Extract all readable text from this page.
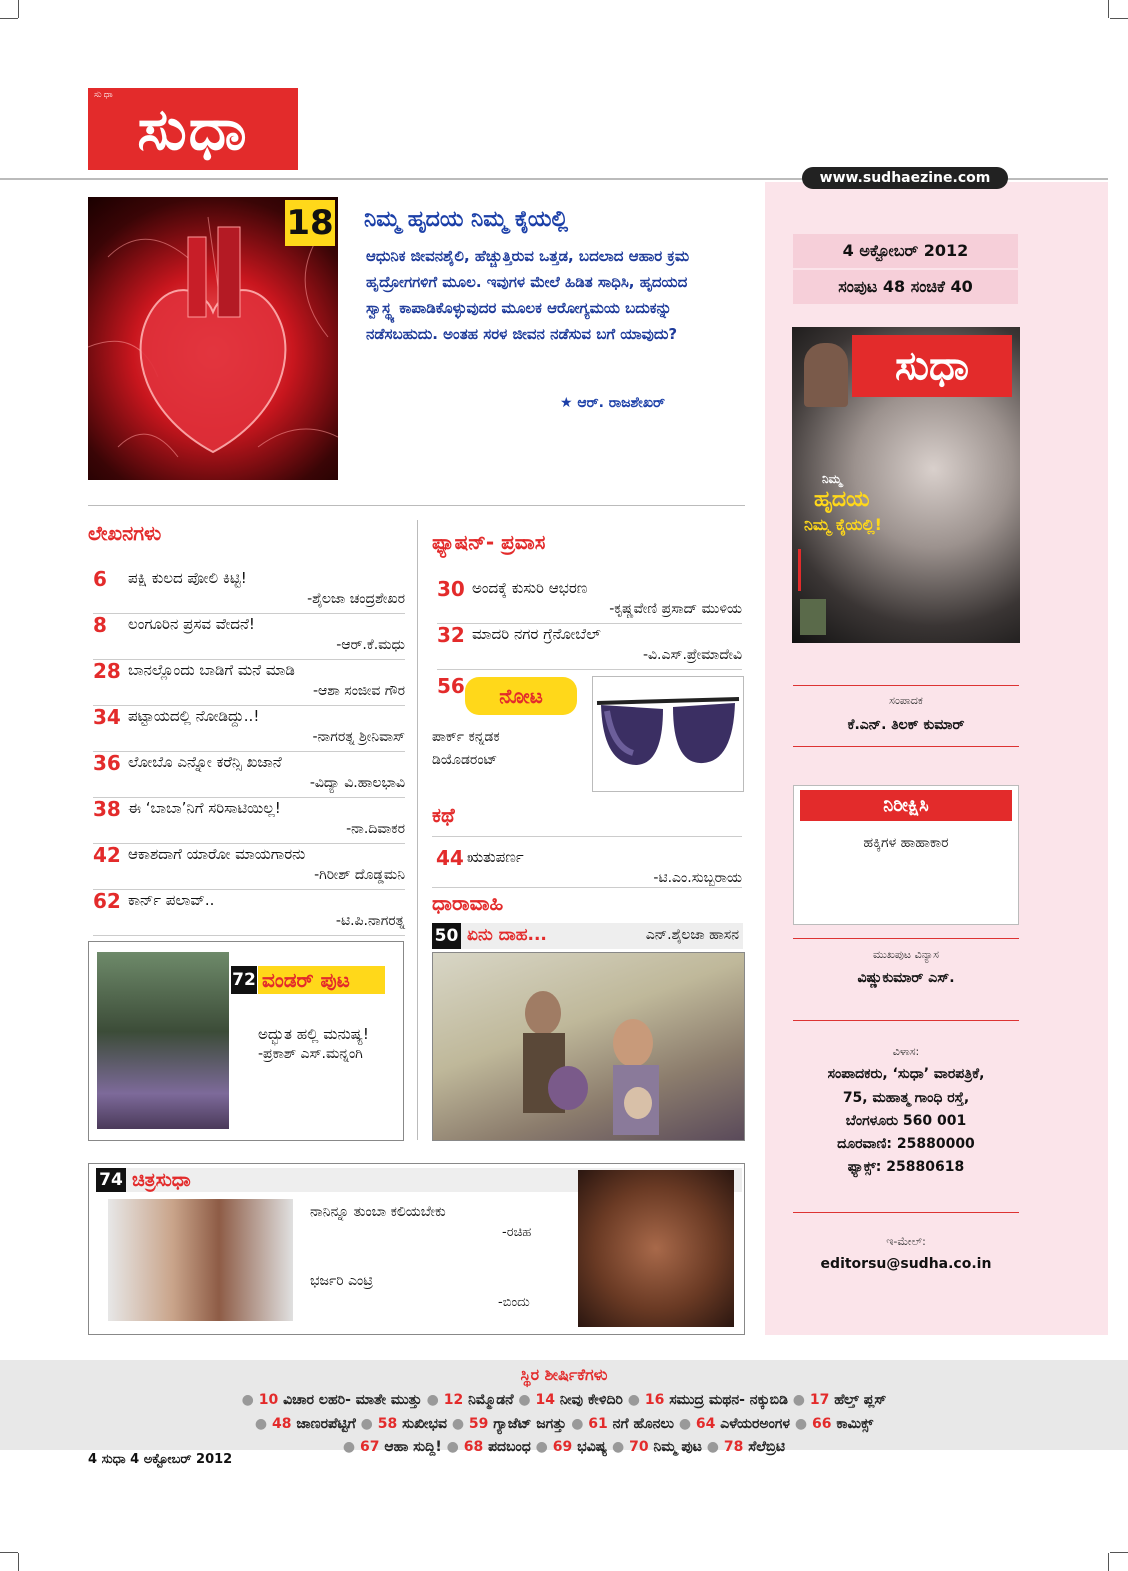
ಸುಧಾ ಸುಧಾ
www.sudhaezine.com
4 ಅಕ್ಟೋಬರ್ 2012
ಸಂಪುಟ 48 ಸಂಚಿಕೆ 40
ಸುಧಾ
ನಿಮ್ಮ
ಹೃದಯ
ನಿಮ್ಮ ಕೈಯಲ್ಲಿ!
18 ನಿಮ್ಮ ಹೃದಯ ನಿಮ್ಮ ಕೈಯಲ್ಲಿ
ಆಧುನಿಕ ಜೀವನಶೈಲಿ, ಹೆಚ್ಚುತ್ತಿರುವ ಒತ್ತಡ, ಬದಲಾದ ಆಹಾರ ಕ್ರಮ ಹೃದ್ರೋಗಗಳಿಗೆ ಮೂಲ. ಇವುಗಳ ಮೇಲೆ ಹಿಡಿತ ಸಾಧಿಸಿ, ಹೃದಯದ ಸ್ವಾಸ್ಥ್ಯ ಕಾಪಾಡಿಕೊಳ್ಳುವುದರ ಮೂಲಕ ಆರೋಗ್ಯಮಯ ಬದುಕನ್ನು ನಡೆಸಬಹುದು. ಅಂತಹ ಸರಳ ಜೀವನ ನಡೆಸುವ ಬಗೆ ಯಾವುದು?
★ ಆರ್. ರಾಜಶೇಖರ್
ಲೇಖನಗಳು
6 ಪಕ್ಷಿ ಕುಲದ ಪೋಲಿ ಕಿಟ್ಟಿ!
-ಶೈಲಜಾ ಚಂದ್ರಶೇಖರ
8 ಲಂಗೂರಿನ ಪ್ರಸವ ವೇದನೆ!
-ಆರ್.ಕೆ.ಮಧು
28 ಬಾನಲ್ಲೊಂದು ಬಾಡಿಗೆ ಮನೆ ಮಾಡಿ
-ಆಶಾ ಸಂಜೀವ ಗೌರ
34 ಪಟ್ಟಾಯದಲ್ಲಿ ನೋಡಿದ್ದು..!
-ನಾಗರತ್ನ ಶ್ರೀನಿವಾಸ್
36 ಲೋಬೊ ಎನ್ನೋ ಕರೆನ್ಸಿ ಖಜಾನೆ
-ವಿದ್ಯಾ ವಿ.ಹಾಲಭಾವಿ
38 ಈ ‘ಬಾಬಾ’ನಿಗೆ ಸರಿಸಾಟಿಯಿಲ್ಲ!
-ನಾ.ದಿವಾಕರ
42 ಆಕಾಶದಾಗೆ ಯಾರೋ ಮಾಯಗಾರನು
-ಗಿರೀಶ್ ದೊಡ್ಡಮನಿ
62 ಕಾರ್ನ್ ಪಲಾವ್..
-ಟಿ.ಪಿ.ನಾಗರತ್ನ
ಫ್ಯಾಷನ್- ಪ್ರವಾಸ
30 ಅಂದಕ್ಕೆ ಕುಸುರಿ ಆಭರಣ
-ಕೃಷ್ಣವೇಣಿ ಪ್ರಸಾದ್ ಮುಳಿಯ
32 ಮಾದರಿ ನಗರ ಗ್ರೆನೋಬೆಲ್
-ವಿ.ಎಸ್.ಪ್ರೇಮಾದೇವಿ
56	ನೋಟ
ಪಾರ್ಕ್ ಕನ್ನಡಕ
ಡಿಯೊಡರಂಟ್
ಕಥೆ
44 ಋತುಪರ್ಣ
-ಟಿ.ಎಂ.ಸುಬ್ಬರಾಯ
ಧಾರಾವಾಹಿ
50 ಏನು ದಾಹ...	ಎನ್.ಶೈಲಜಾ ಹಾಸನ
72 ವಂಡರ್ ಪುಟ
ಅದ್ಭುತ ಹಲ್ಲಿ ಮನುಷ್ಯ!
-ಪ್ರಕಾಶ್ ಎಸ್.ಮನ್ನಂಗಿ
74 ಚಿತ್ರಸುಧಾ
ನಾನಿನ್ನೂ ತುಂಬಾ ಕಲಿಯಬೇಕು
-ರಚಿಹ
ಭರ್ಜರಿ ಎಂಟ್ರಿ
-ಬಿಂದು
ಸಂಪಾದಕ
ಕೆ.ಎನ್. ತಿಲಕ್ ಕುಮಾರ್
ನಿರೀಕ್ಷಿಸಿ
ಹಕ್ಕಿಗಳ ಹಾಹಾಕಾರ
ಮುಖಪುಟ ವಿನ್ಯಾಸ
ವಿಷ್ಣುಕುಮಾರ್ ಎಸ್.
ವಿಳಾಸ:
ಸಂಪಾದಕರು, ‘ಸುಧಾ’ ವಾರಪತ್ರಿಕೆ,
75, ಮಹಾತ್ಮ ಗಾಂಧಿ ರಸ್ತೆ,
ಬೆಂಗಳೂರು 560 001
ದೂರವಾಣಿ: 25880000
ಫ್ಯಾಕ್ಸ್: 25880618
ಇ-ಮೇಲ್:
editorsu@sudha.co.in
ಸ್ಥಿರ ಶೀರ್ಷಿಕೆಗಳು
● 10 ವಿಚಾರ ಲಹರಿ- ಮಾತೇ ಮುತ್ತು ● 12 ನಿಮ್ಮೊಡನೆ ● 14 ನೀವು ಕೇಳಿದಿರಿ ● 16 ಸಮುದ್ರ ಮಥನ- ನಕ್ಕುಬಿಡಿ ● 17 ಹೆಲ್ತ್ ಪ್ಲಸ್
● 48 ಜಾಣರಪೆಟ್ಟಿಗೆ ● 58 ಸುಖೀಭವ ● 59 ಗ್ಯಾಜೆಟ್ ಜಗತ್ತು ● 61 ನಗೆ ಹೊನಲು ● 64 ಎಳೆಯರಅಂಗಳ ● 66 ಕಾಮಿಕ್ಸ್
● 67 ಆಹಾ ಸುದ್ದಿ! ● 68 ಪದಬಂಧ ● 69 ಭವಿಷ್ಯ ● 70 ನಿಮ್ಮ ಪುಟ ● 78 ಸೆಲೆಬ್ರಿಟಿ
4 ಸುಧಾ 4 ಅಕ್ಟೋಬರ್ 2012
